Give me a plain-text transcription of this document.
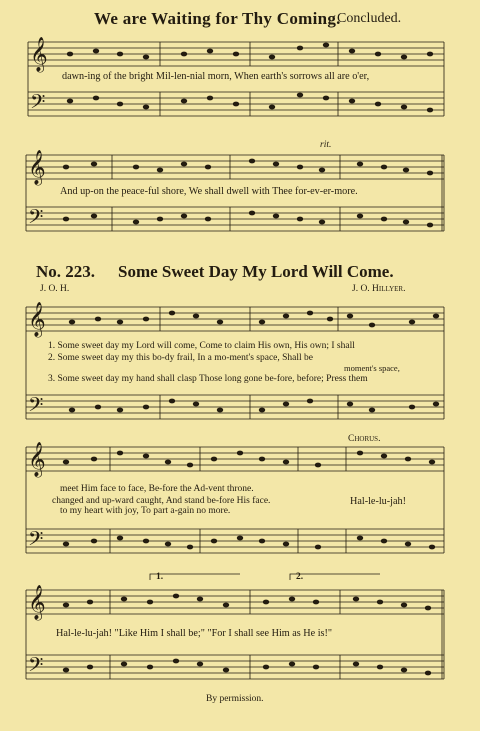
We are Waiting for Thy Coming.
Concluded.
𝄞
𝄢
𝄞
𝄢
𝄞
𝄢
𝄞
𝄢
𝄞
𝄢
dawn-ing of the bright Mil-len-nial morn, When earth's sorrows all are o'er,
rit.
And up-on the peace-ful shore, We shall dwell with Thee for-ev-er-more.
No. 223. Some Sweet Day My Lord Will Come.
J. O. H.	J. O. Hillyer.
1. Some sweet day my Lord will come, Come to claim His own, His own; I shall
2. Some sweet day my this bo-dy frail, In a mo-ment's space, Shall be
moment's space,
3. Some sweet day my hand shall clasp Those long gone be-fore, before; Press them
Chorus.
meet Him face to face, Be-fore the Ad-vent throne.
changed and up-ward caught, And stand be-fore His face.
to my heart with joy, To part a-gain no more.
Hal-le-lu-jah!
1.	2.
Hal-le-lu-jah! "Like Him I shall be;" "For I shall see Him as He is!"
By permission.
